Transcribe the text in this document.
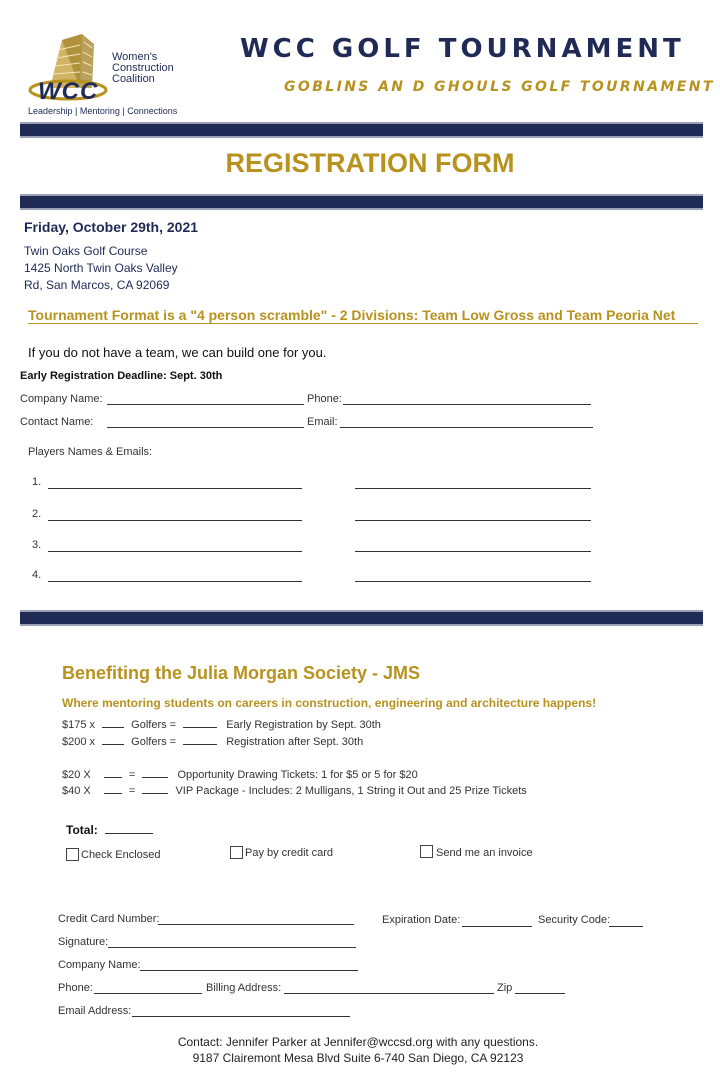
WCC
Women's
Construction
Coalition
Leadership | Mentoring | Connections
WCC GOLF TOURNAMENT
GOBLINS AN D GHOULS GOLF TOURNAMENT
REGISTRATION FORM
Friday, October 29th, 2021
Twin Oaks Golf Course
1425 North Twin Oaks Valley
Rd, San Marcos, CA 92069
Tournament Format is a "4 person scramble" - 2 Divisions: Team Low Gross and Team Peoria Net
If you do not have a team, we can build one for you.
Early Registration Deadline: Sept. 30th
Company Name:	Phone:
Contact Name:	Email:
Players Names & Emails:
1.
2.
3.
4.
Benefiting the Julia Morgan Society - JMS
Where mentoring students on careers in construction, engineering and architecture happens!
$175 x	Golfers =	Early Registration by Sept. 30th
$200 x	Golfers =	Registration after Sept. 30th
$20 X	=	Opportunity Drawing Tickets: 1 for $5 or 5 for $20
$40 X	=	VIP Package - Includes: 2 Mulligans, 1 String it Out and 25 Prize Tickets
Total:
Check Enclosed	Pay by credit card	Send me an invoice
Credit Card Number:	Expiration Date:	Security Code:
Signature:
Company Name:
Phone:	Billing Address:	Zip
Email Address:
Contact: Jennifer Parker at Jennifer@wccsd.org with any questions.
9187 Clairemont Mesa Blvd Suite 6-740 San Diego, CA 92123
